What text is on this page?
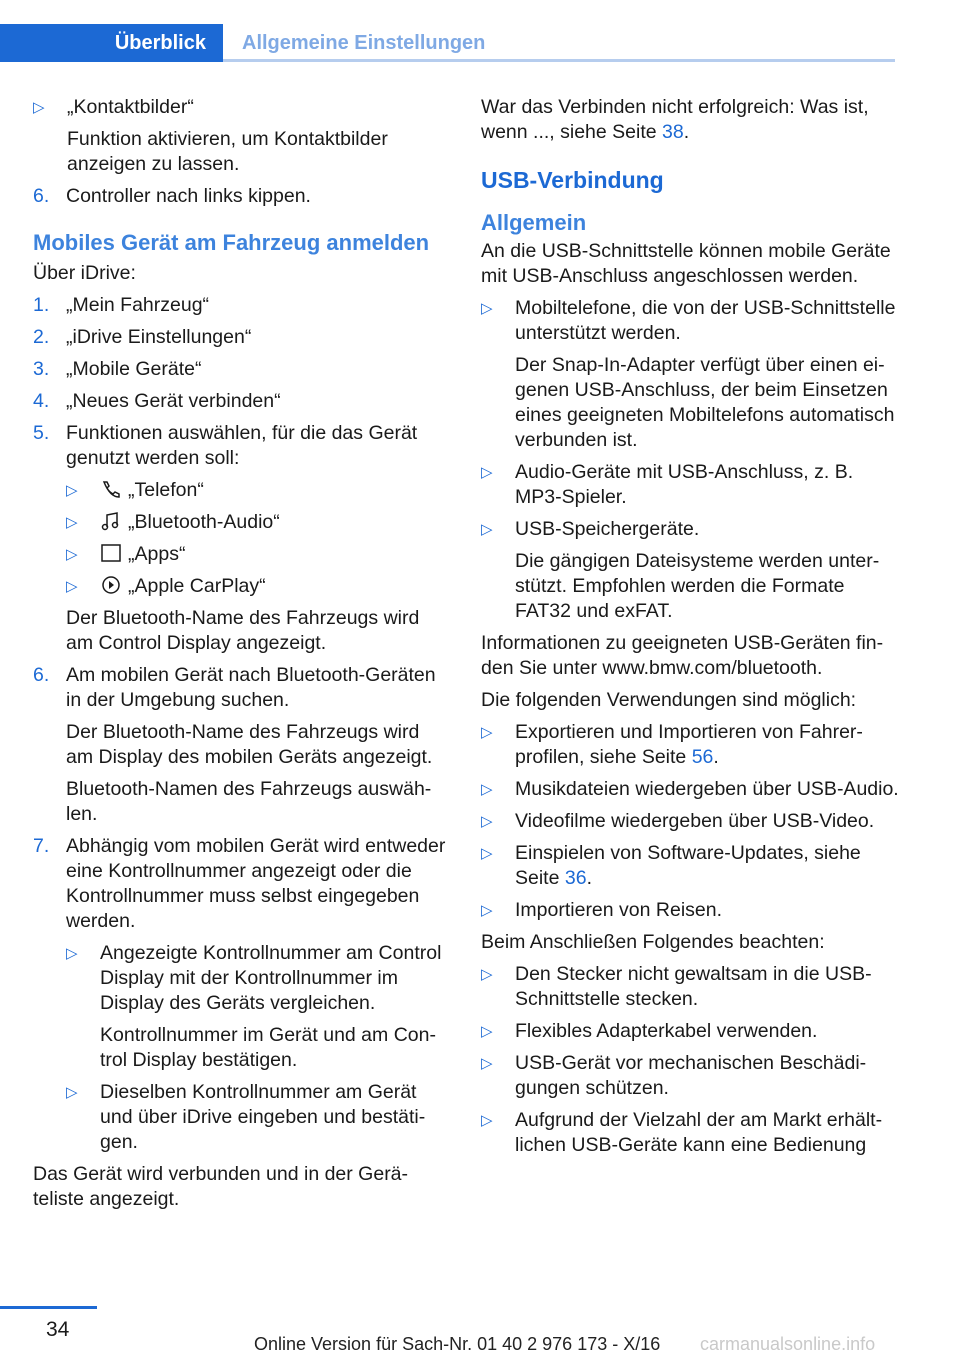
Überblick Allgemeine Einstellungen
▷ „Kontaktbilder“
Funktion aktivieren, um Kontaktbilder anzeigen zu lassen.
6. Controller nach links kippen.
Mobiles Gerät am Fahrzeug anmelden

Über iDrive:

1. „Mein Fahrzeug“
2. „iDrive Einstellungen“
3. „Mobile Geräte“
4. „Neues Gerät verbinden“
5. Funktionen auswählen, für die das Gerät genutzt werden soll:
▷	„Telefon“
▷	„Bluetooth-Audio“
▷	„Apps“
▷	„Apple CarPlay“
Der Bluetooth-Name des Fahrzeugs wird am Control Display angezeigt.
6. Am mobilen Gerät nach Bluetooth-Geräten in der Umgebung suchen.
Der Bluetooth-Name des Fahrzeugs wird am Display des mobilen Geräts angezeigt.
Bluetooth-Namen des Fahrzeugs auswählen.
7. Abhängig vom mobilen Gerät wird entweder eine Kontrollnummer angezeigt oder die Kontrollnummer muss selbst eingegeben werden.
▷ Angezeigte Kontrollnummer am Control Display mit der Kontrollnummer im Display des Geräts vergleichen.
Kontrollnummer im Gerät und am Control Display bestätigen.
▷ Dieselben Kontrollnummer am Gerät und über iDrive eingeben und bestätigen.

Das Gerät wird verbunden und in der Geräteliste angezeigt.

War das Verbinden nicht erfolgreich: Was ist, wenn ..., siehe Seite 38.

USB-Verbindung
Allgemein

An die USB-Schnittstelle können mobile Geräte mit USB-Anschluss angeschlossen werden.

▷ Mobiltelefone, die von der USB-Schnittstelle unterstützt werden.
Der Snap-In-Adapter verfügt über einen eigenen USB-Anschluss, der beim Einsetzen eines geeigneten Mobiltelefons automatisch verbunden ist.
▷ Audio-Geräte mit USB-Anschluss, z. B. MP3-Spieler.
▷ USB-Speichergeräte.
Die gängigen Dateisysteme werden unterstützt. Empfohlen werden die Formate FAT32 und exFAT.

Informationen zu geeigneten USB-Geräten finden Sie unter www.bmw.com/bluetooth.

Die folgenden Verwendungen sind möglich:

▷ Exportieren und Importieren von Fahrerprofilen, siehe Seite 56.
▷ Musikdateien wiedergeben über USB-Audio.
▷ Videofilme wiedergeben über USB-Video.
▷ Einspielen von Software-Updates, siehe Seite 36.
▷ Importieren von Reisen.

Beim Anschließen Folgendes beachten:

▷ Den Stecker nicht gewaltsam in die USB-Schnittstelle stecken.
▷ Flexibles Adapterkabel verwenden.
▷ USB-Gerät vor mechanischen Beschädigungen schützen.
▷ Aufgrund der Vielzahl der am Markt erhältlichen USB-Geräte kann eine Bedienung
34
Online Version für Sach-Nr. 01 40 2 976 173 - X/16 carmanualsonline.info
